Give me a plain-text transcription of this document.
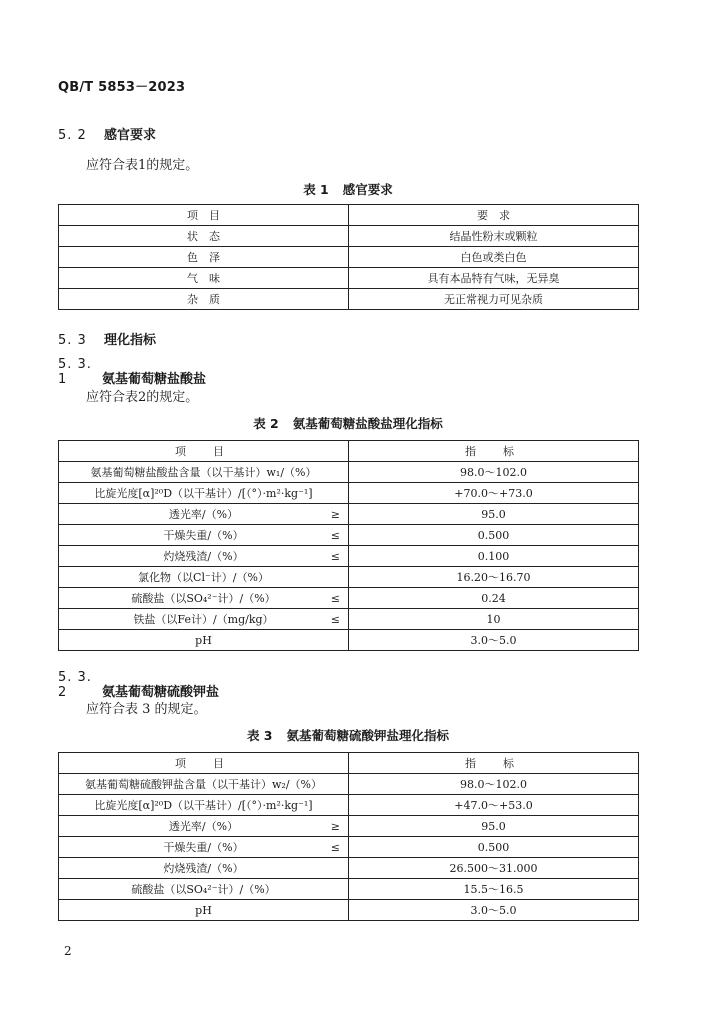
QB/T 5853－2023
5. 2 感官要求
应符合表1的规定。
表 1 感官要求
项　目	要　求
状　态	结晶性粉末或颗粒
色　泽	白色或类白色
气　味	具有本品特有气味，无异臭
杂　质	无正常视力可见杂质
5. 3 理化指标
5. 3. 1	氨基葡萄糖盐酸盐
应符合表2的规定。
表 2 氨基葡萄糖盐酸盐理化指标
项　目	指　标
氨基葡萄糖盐酸盐含量（以干基计）w₁/（%）	98.0～102.0
比旋光度[α]²⁰D（以干基计）/[（°）·m²·kg⁻¹]	+70.0～+73.0
透光率/（%） ≥	95.0
干燥失重/（%） ≤	0.500
灼烧残渣/（%） ≤	0.100
氯化物（以Cl⁻计）/（%）	16.20～16.70
硫酸盐（以SO₄²⁻计）/（%） ≤	0.24
铁盐（以Fe计）/（mg/kg） ≤	10
pH	3.0～5.0
5. 3. 2	氨基葡萄糖硫酸钾盐
应符合表 3 的规定。
表 3 氨基葡萄糖硫酸钾盐理化指标
项　目	指　标
氨基葡萄糖硫酸钾盐含量（以干基计）w₂/（%）	98.0～102.0
比旋光度[α]²⁰D（以干基计）/[（°）·m²·kg⁻¹]	+47.0～+53.0
透光率/（%） ≥	95.0
干燥失重/（%） ≤	0.500
灼烧残渣/（%）	26.500～31.000
硫酸盐（以SO₄²⁻计）/（%）	15.5～16.5
pH	3.0～5.0
2
